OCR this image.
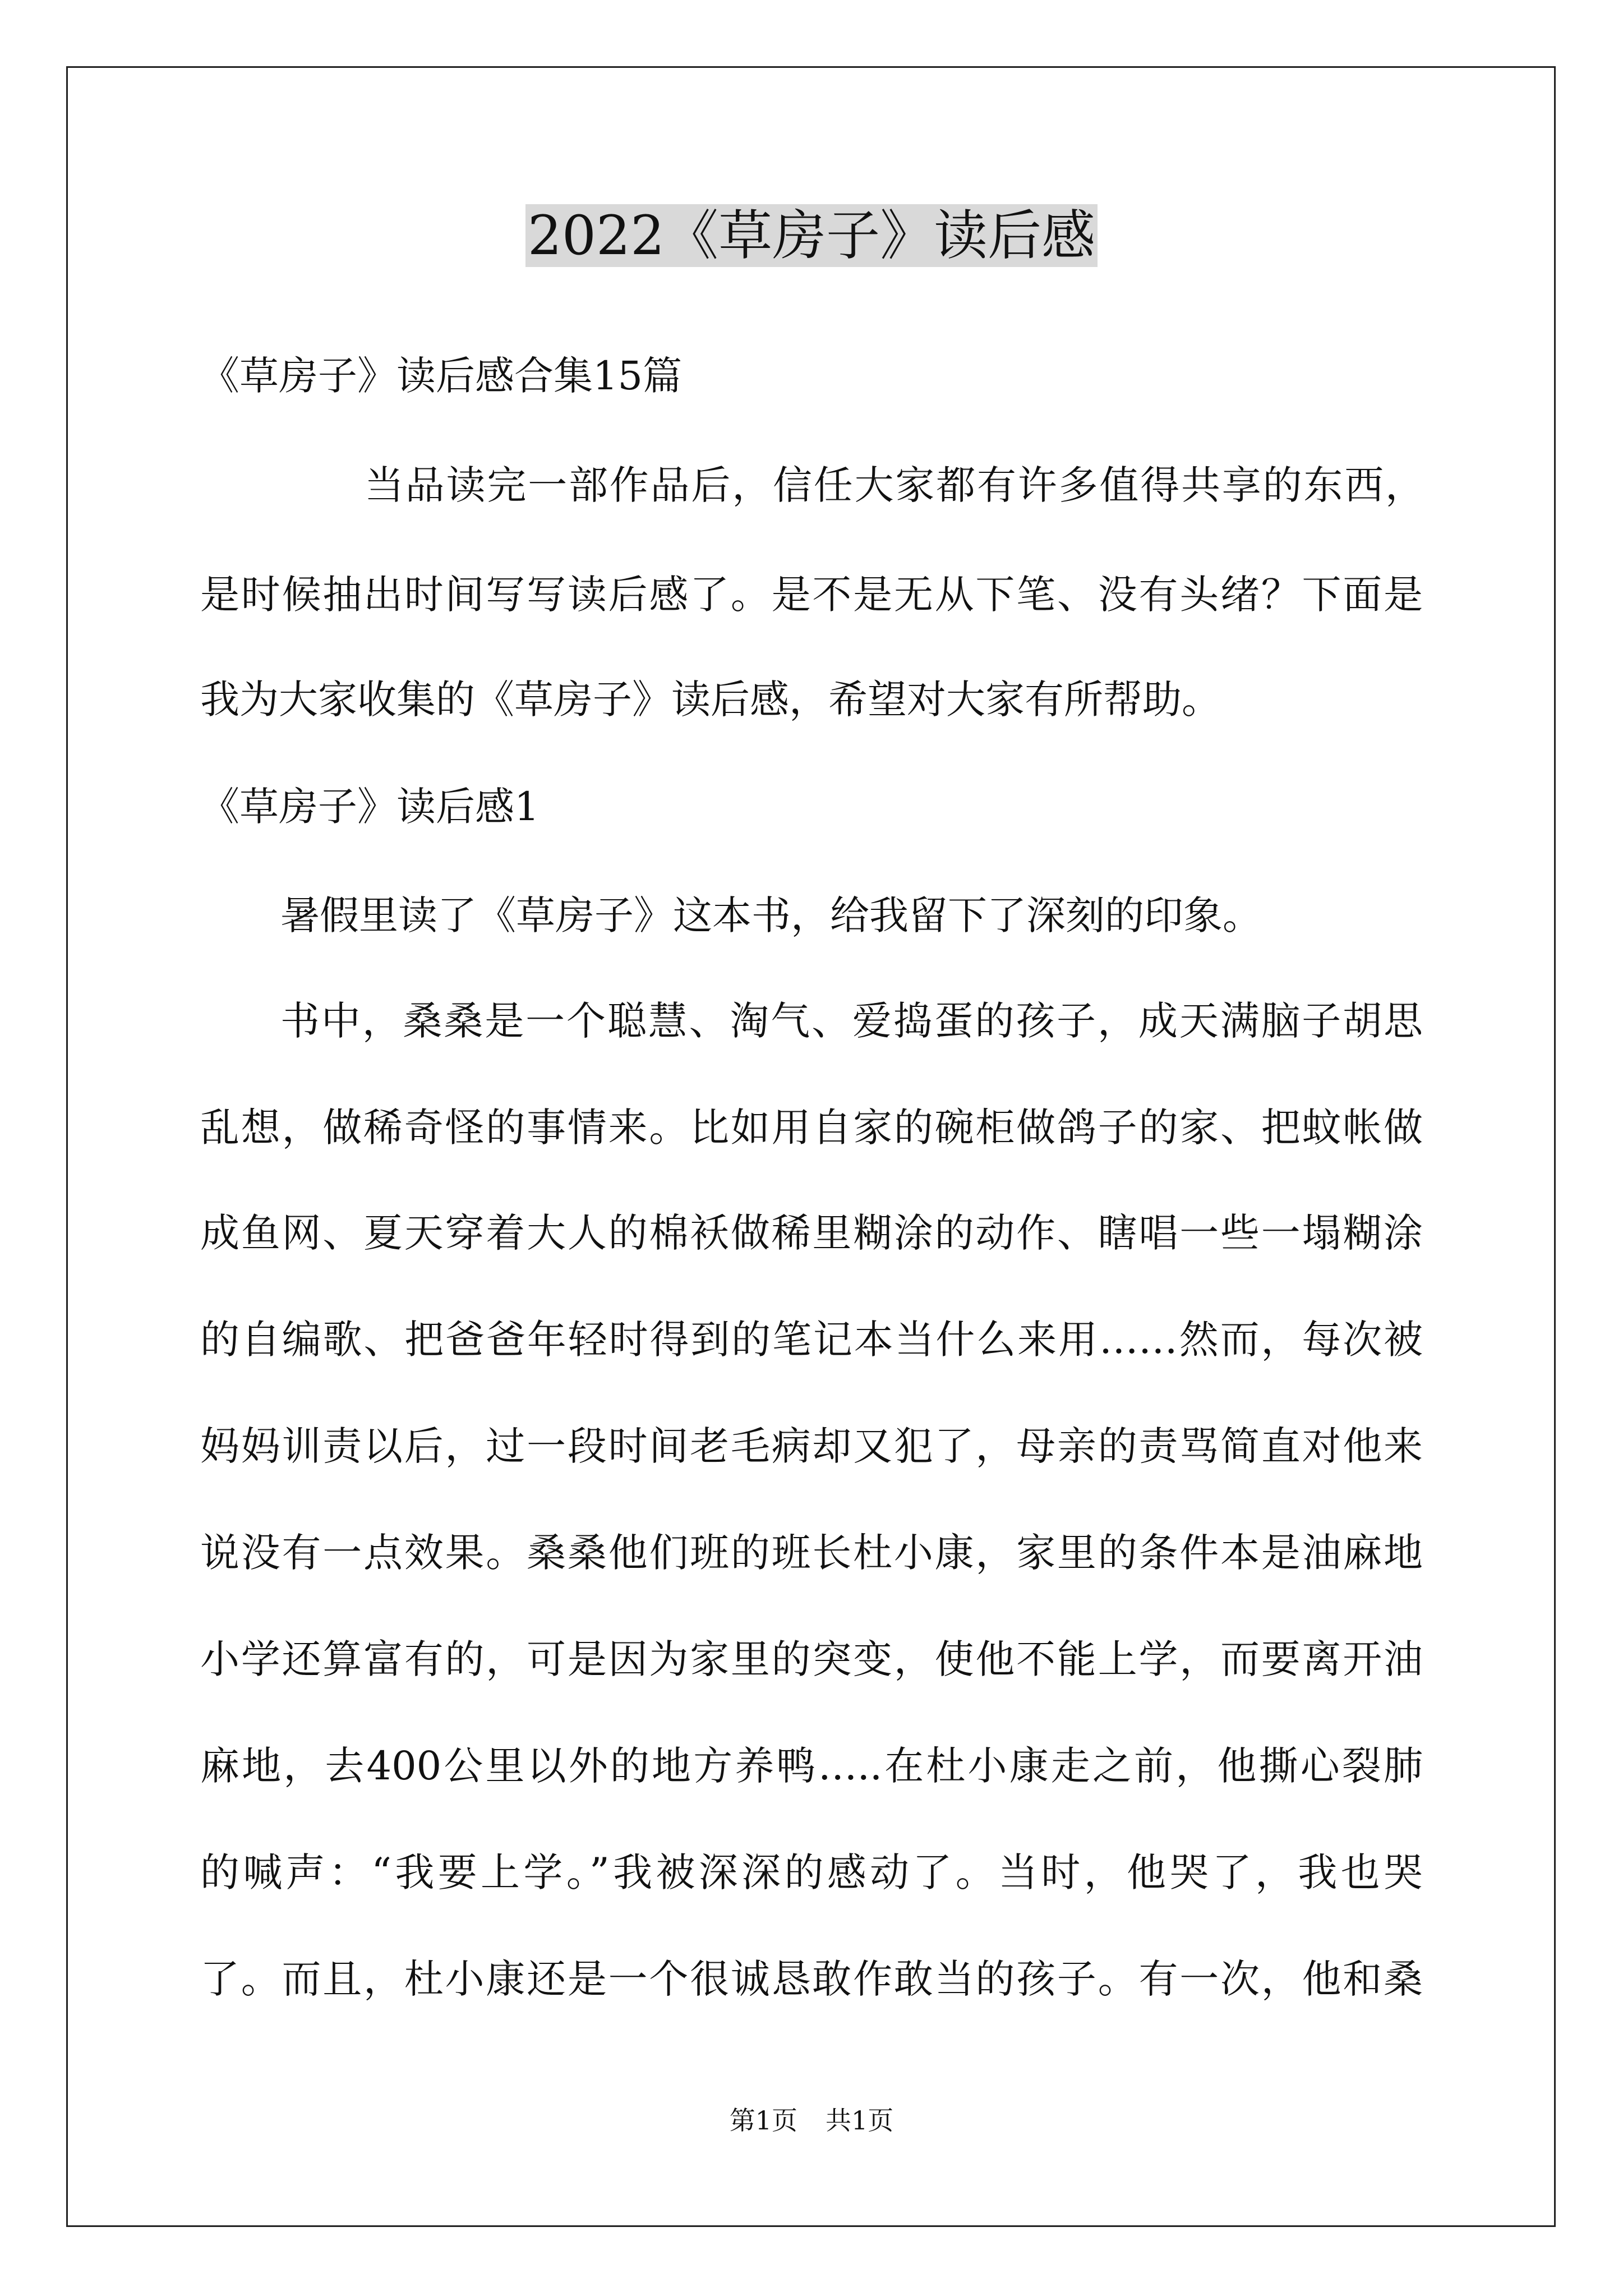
2022《草房子》读后感

《草房子》读后感合集15篇

当品读完一部作品后，信任大家都有许多值得共享的东西，

是时候抽出时间写写读后感了。是不是无从下笔、没有头绪？下面是

我为大家收集的《草房子》读后感，希望对大家有所帮助。

《草房子》读后感1

暑假里读了《草房子》这本书，给我留下了深刻的印象。

书中，桑桑是一个聪慧、淘气、爱捣蛋的孩子，成天满脑子胡思

乱想，做稀奇怪的事情来。比如用自家的碗柜做鸽子的家、把蚊帐做

成鱼网、夏天穿着大人的棉袄做稀里糊涂的动作、瞎唱一些一塌糊涂

的自编歌、把爸爸年轻时得到的笔记本当什么来用……然而，每次被

妈妈训责以后，过一段时间老毛病却又犯了，母亲的责骂简直对他来

说没有一点效果。桑桑他们班的班长杜小康，家里的条件本是油麻地

小学还算富有的，可是因为家里的突变，使他不能上学，而要离开油

麻地，去400公里以外的地方养鸭…..在杜小康走之前，他撕心裂肺

的喊声：“我要上学。”我被深深的感动了。当时，他哭了，我也哭

了。而且，杜小康还是一个很诚恳敢作敢当的孩子。有一次，他和桑

第1页 共1页
